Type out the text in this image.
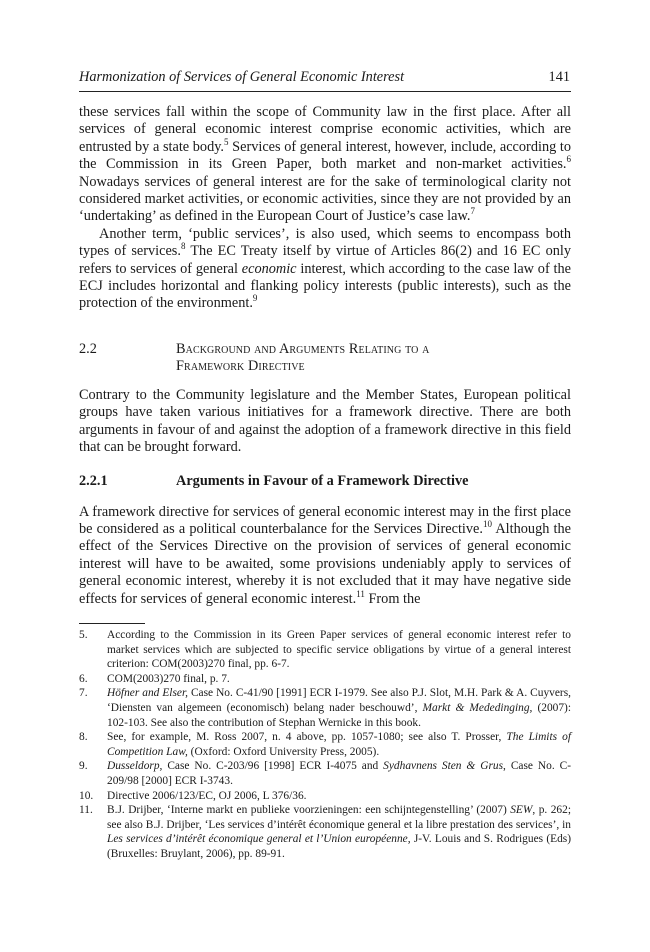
Harmonization of Services of General Economic Interest	141

these services fall within the scope of Community law in the first place. After all services of general economic interest comprise economic activities, which are entrusted by a state body.$^5$ Services of general interest, however, include, according to the Commission in its Green Paper, both market and non-market activities.$^6$ Nowadays services of general interest are for the sake of terminological clarity not considered market activities, or economic activities, since they are not provided by an ‘undertaking’ as defined in the European Court of Justice’s case law.$^7$

Another term, ‘public services’, is also used, which seems to encompass both types of services.$^8$ The EC Treaty itself by virtue of Articles 86(2) and 16 EC only refers to services of general economic interest, which according to the case law of the ECJ includes horizontal and flanking policy interests (public interests), such as the protection of the environment.$^9$

2.2	Background and Arguments Relating to a
Framework Directive

Contrary to the Community legislature and the Member States, European political groups have taken various initiatives for a framework directive. There are both arguments in favour of and against the adoption of a framework directive in this field that can be brought forward.

2.2.1	Arguments in Favour of a Framework Directive

A framework directive for services of general economic interest may in the first place be considered as a political counterbalance for the Services Directive.$^{10}$ Although the effect of the Services Directive on the provision of services of general economic interest will have to be awaited, some provisions undeniably apply to services of general economic interest, whereby it is not excluded that it may have negative side effects for services of general economic interest.$^{11}$ From the

5. According to the Commission in its Green Paper services of general economic interest refer to market services which are subjected to specific service obligations by virtue of a general interest criterion: COM(2003)270 final, pp. 6-7.
6. COM(2003)270 final, p. 7.
7. Höfner and Elser, Case No. C-41/90 [1991] ECR I-1979. See also P.J. Slot, M.H. Park & A. Cuyvers, ‘Diensten van algemeen (economisch) belang nader beschouwd’, Markt & Mededinging, (2007): 102-103. See also the contribution of Stephan Wernicke in this book.
8. See, for example, M. Ross 2007, n. 4 above, pp. 1057-1080; see also T. Prosser, The Limits of Competition Law, (Oxford: Oxford University Press, 2005).
9. Dusseldorp, Case No. C-203/96 [1998] ECR I-4075 and Sydhavnens Sten & Grus, Case No. C-209/98 [2000] ECR I-3743.
10. Directive 2006/123/EC, OJ 2006, L 376/36.
11. B.J. Drijber, ‘Interne markt en publieke voorzieningen: een schijntegenstelling’ (2007) SEW, p. 262; see also B.J. Drijber, ‘Les services d’intérêt économique general et la libre prestation des services’, in Les services d’intérêt économique general et l’Union européenne, J-V. Louis and S. Rodrigues (Eds) (Bruxelles: Bruylant, 2006), pp. 89-91.
